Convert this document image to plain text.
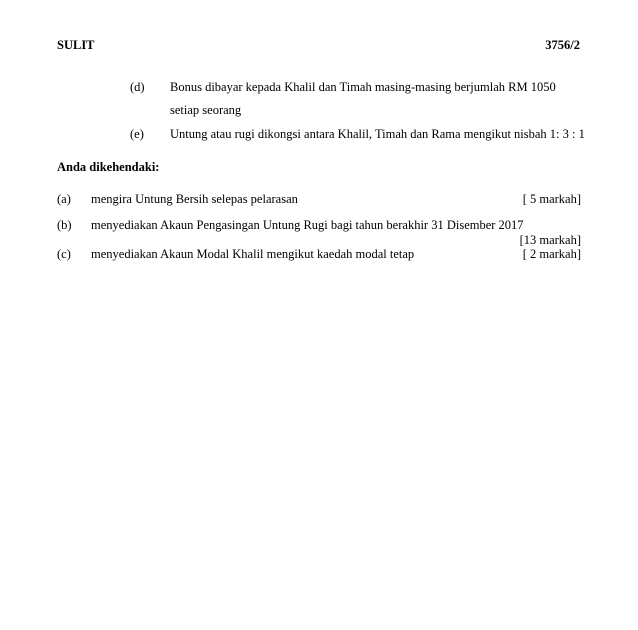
SULIT	3756/2
(d) Bonus dibayar kepada Khalil dan Timah masing-masing berjumlah RM 1050
setiap seorang
(e) Untung atau rugi dikongsi antara Khalil, Timah dan Rama mengikut nisbah 1: 3 : 1
Anda dikehendaki:
(a) mengira Untung Bersih selepas pelarasan	[ 5 markah]
(b) menyediakan Akaun Pengasingan Untung Rugi bagi tahun berakhir 31 Disember 2017
[13 markah]
(c) menyediakan Akaun Modal Khalil mengikut kaedah modal tetap	[ 2 markah]
